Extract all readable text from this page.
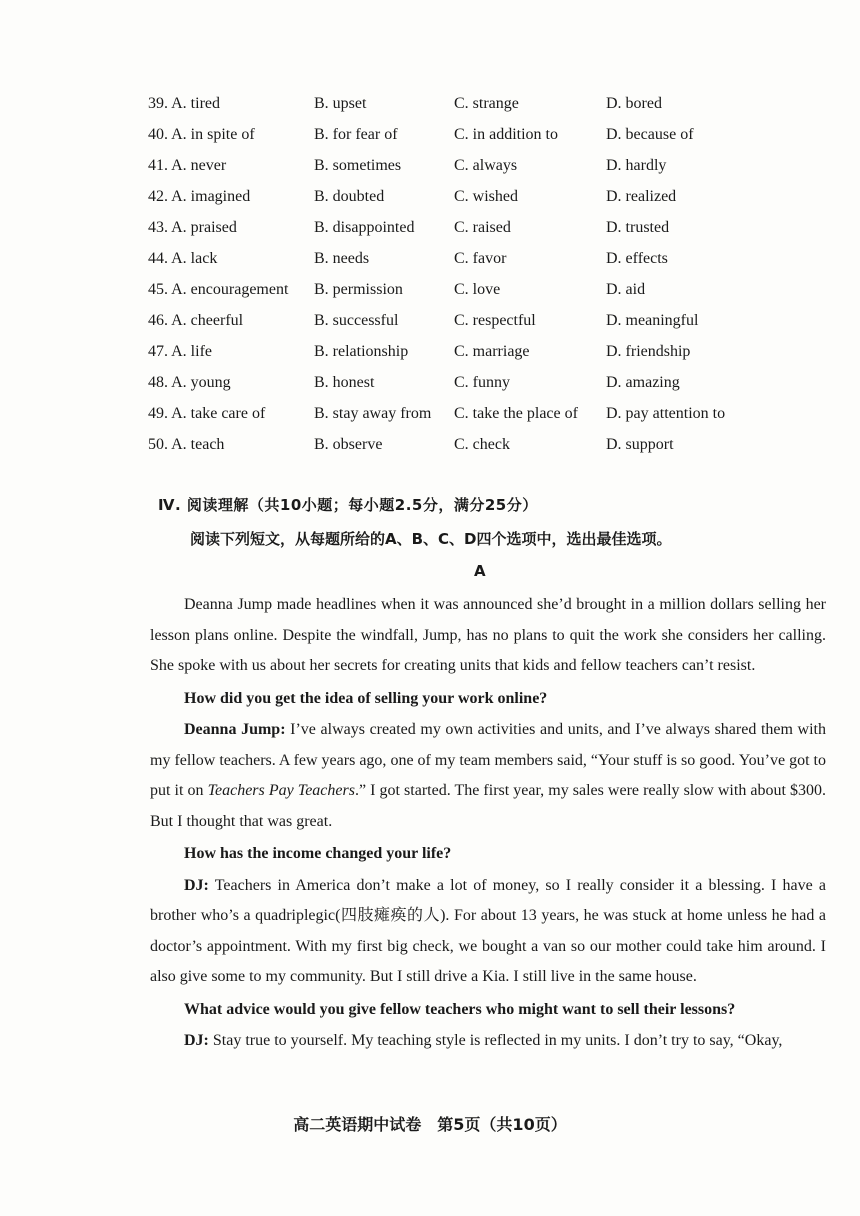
39. A. tired	B. upset	C. strange	D. bored
40. A. in spite of	B. for fear of	C. in addition to	D. because of
41. A. never	B. sometimes	C. always	D. hardly
42. A. imagined	B. doubted	C. wished	D. realized
43. A. praised	B. disappointed C. raised	D. trusted
44. A. lack	B. needs	C. favor	D. effects
45. A. encouragement B. permission	C. love	D. aid
46. A. cheerful	B. successful	C. respectful	D. meaningful
47. A. life	B. relationship	C. marriage	D. friendship
48. A. young	B. honest	C. funny	D. amazing
49. A. take care of	B. stay away from C. take the place of D. pay attention to
50. A. teach	B. observe	C. check	D. support
Ⅳ. 阅读理解（共10小题；每小题2.5分，满分25分）
阅读下列短文，从每题所给的A、B、C、D四个选项中，选出最佳选项。
A

Deanna Jump made headlines when it was announced she’d brought in a million dollars selling her lesson plans online. Despite the windfall, Jump, has no plans to quit the work she considers her calling. She spoke with us about her secrets for creating units that kids and fellow teachers can’t resist.

How did you get the idea of selling your work online?

Deanna Jump: I’ve always created my own activities and units, and I’ve always shared them with my fellow teachers. A few years ago, one of my team members said, “Your stuff is so good. You’ve got to put it on Teachers Pay Teachers.” I got started. The first year, my sales were really slow with about $300. But I thought that was great.

How has the income changed your life?

DJ: Teachers in America don’t make a lot of money, so I really consider it a blessing. I have a brother who’s a quadriplegic(四肢瘫痪的人). For about 13 years, he was stuck at home unless he had a doctor’s appointment. With my first big check, we bought a van so our mother could take him around. I also give some to my community. But I still drive a Kia. I still live in the same house.

What advice would you give fellow teachers who might want to sell their lessons?

DJ: Stay true to yourself. My teaching style is reflected in my units. I don’t try to say, “Okay,

高二英语期中试卷　第5页（共10页）
